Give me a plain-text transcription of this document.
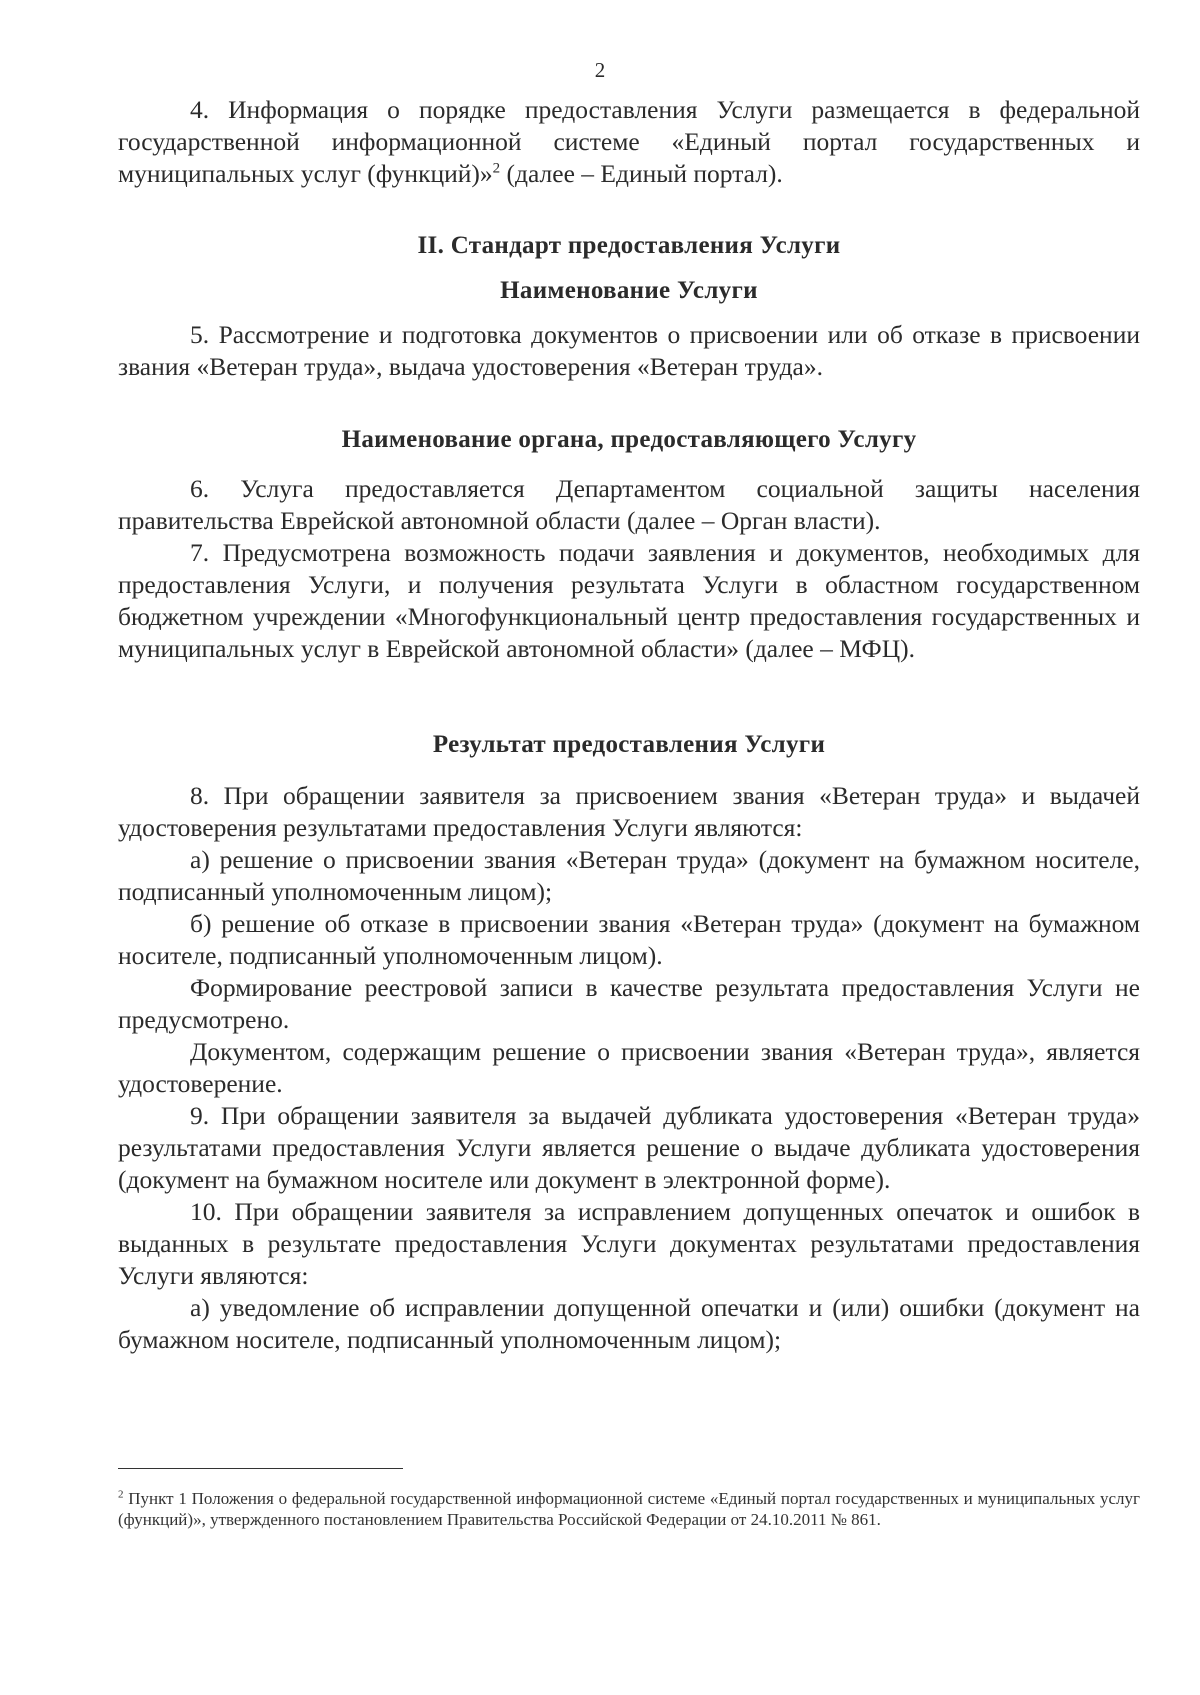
2

4. Информация о порядке предоставления Услуги размещается в федеральной государственной информационной системе «Единый портал государственных и муниципальных услуг (функций)»$^2$ (далее – Единый портал).

II. Стандарт предоставления Услуги
Наименование Услуги

5. Рассмотрение и подготовка документов о присвоении или об отказе в присвоении звания «Ветеран труда», выдача удостоверения «Ветеран труда».

Наименование органа, предоставляющего Услугу

6. Услуга предоставляется Департаментом социальной защиты населения правительства Еврейской автономной области (далее – Орган власти).

7. Предусмотрена возможность подачи заявления и документов, необходимых для предоставления Услуги, и получения результата Услуги в областном государственном бюджетном учреждении «Многофункциональный центр предоставления государственных и муниципальных услуг в Еврейской автономной области» (далее – МФЦ).

Результат предоставления Услуги

8. При обращении заявителя за присвоением звания «Ветеран труда» и выдачей удостоверения результатами предоставления Услуги являются:

а) решение о присвоении звания «Ветеран труда» (документ на бумажном носителе, подписанный уполномоченным лицом);

б) решение об отказе в присвоении звания «Ветеран труда» (документ на бумажном носителе, подписанный уполномоченным лицом).

Формирование реестровой записи в качестве результата предоставления Услуги не предусмотрено.

Документом, содержащим решение о присвоении звания «Ветеран труда», является удостоверение.

9. При обращении заявителя за выдачей дубликата удостоверения «Ветеран труда» результатами предоставления Услуги является решение о выдаче дубликата удостоверения (документ на бумажном носителе или документ в электронной форме).

10. При обращении заявителя за исправлением допущенных опечаток и ошибок в выданных в результате предоставления Услуги документах результатами предоставления Услуги являются:

а) уведомление об исправлении допущенной опечатки и (или) ошибки (документ на бумажном носителе, подписанный уполномоченным лицом);

$^2$ Пункт 1 Положения о федеральной государственной информационной системе «Единый портал государственных и муниципальных услуг (функций)», утвержденного постановлением Правительства Российской Федерации от 24.10.2011 № 861.
